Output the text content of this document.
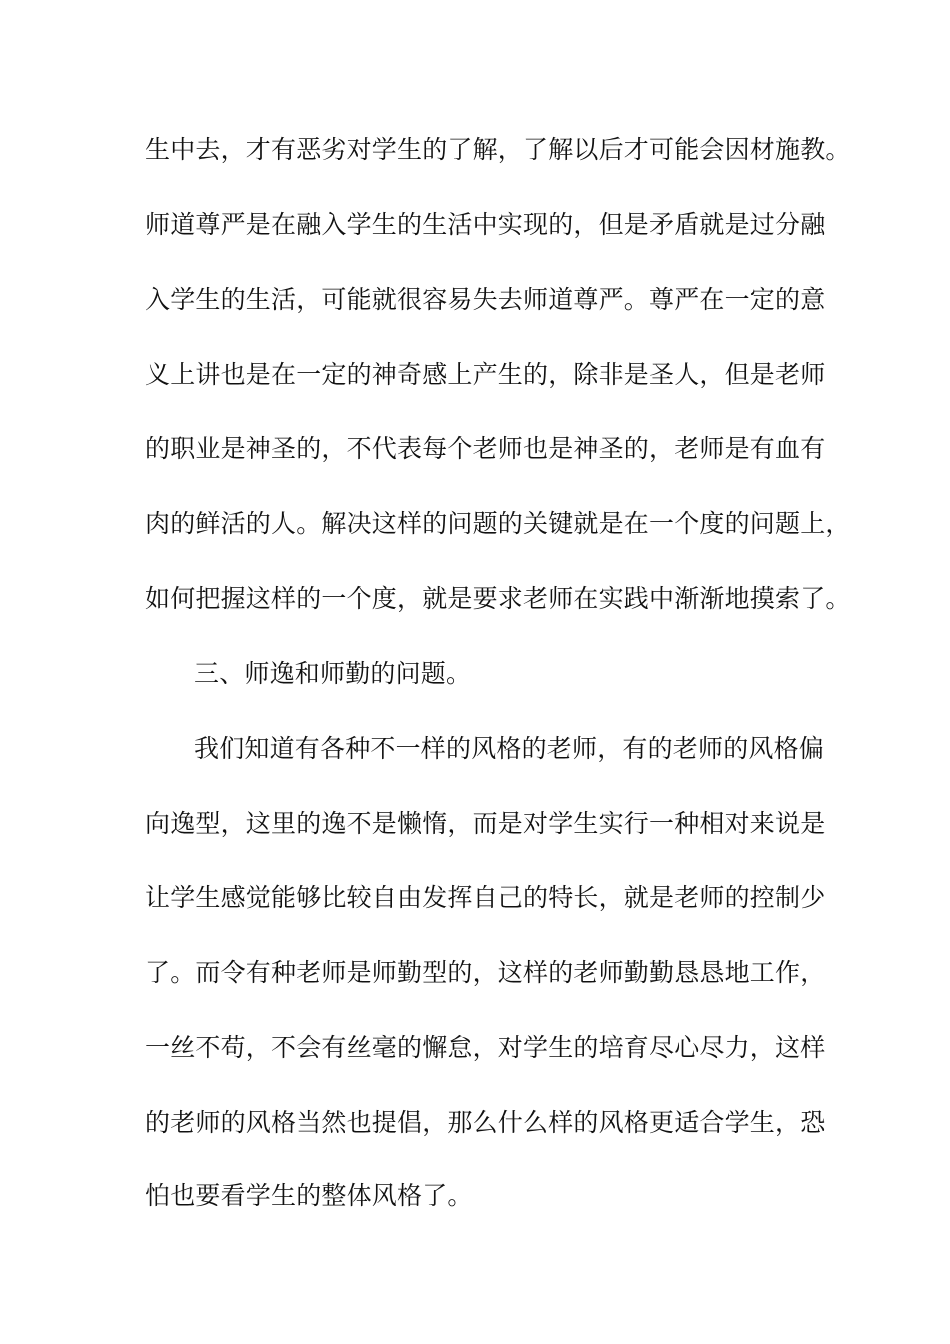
生中去，才有恶劣对学生的了解，了解以后才可能会因材施教。
师道尊严是在融入学生的生活中实现的，但是矛盾就是过分融
入学生的生活，可能就很容易失去师道尊严。尊严在一定的意
义上讲也是在一定的神奇感上产生的，除非是圣人，但是老师
的职业是神圣的，不代表每个老师也是神圣的，老师是有血有
肉的鲜活的人。解决这样的问题的关键就是在一个度的问题上，
如何把握这样的一个度，就是要求老师在实践中渐渐地摸索了。
三、师逸和师勤的问题。
我们知道有各种不一样的风格的老师，有的老师的风格偏
向逸型，这里的逸不是懒惰，而是对学生实行一种相对来说是
让学生感觉能够比较自由发挥自己的特长，就是老师的控制少
了。而令有种老师是师勤型的，这样的老师勤勤恳恳地工作，
一丝不苟，不会有丝毫的懈怠，对学生的培育尽心尽力，这样
的老师的风格当然也提倡，那么什么样的风格更适合学生，恐
怕也要看学生的整体风格了。
